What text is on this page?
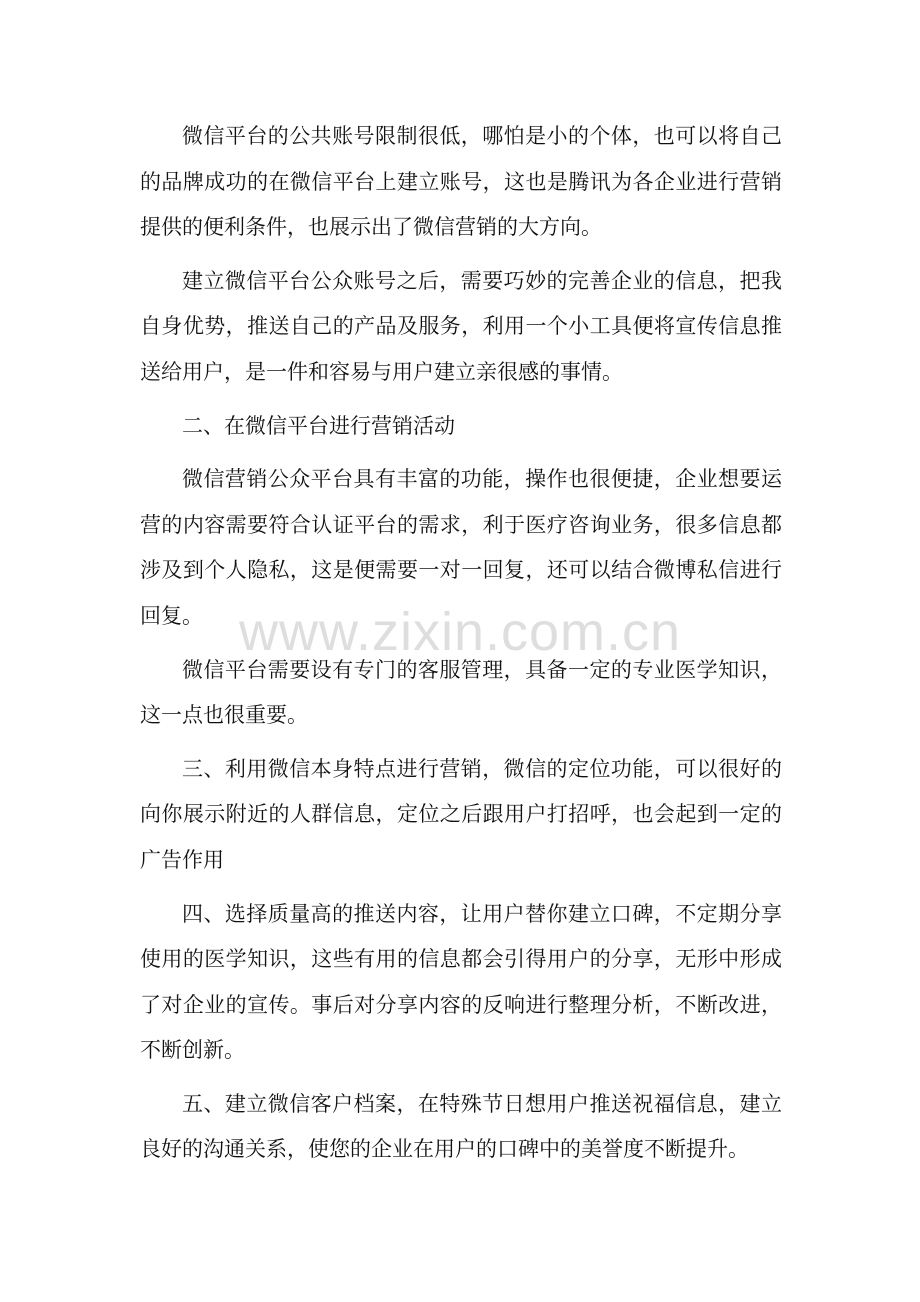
微信平台的公共账号限制很低，哪怕是小的个体，也可以将自己的品牌成功的在微信平台上建立账号，这也是腾讯为各企业进行营销提供的便利条件，也展示出了微信营销的大方向。

建立微信平台公众账号之后，需要巧妙的完善企业的信息，把我自身优势，推送自己的产品及服务，利用一个小工具便将宣传信息推送给用户，是一件和容易与用户建立亲很感的事情。

二、在微信平台进行营销活动

微信营销公众平台具有丰富的功能，操作也很便捷，企业想要运营的内容需要符合认证平台的需求，利于医疗咨询业务，很多信息都涉及到个人隐私，这是便需要一对一回复，还可以结合微博私信进行回复。

微信平台需要设有专门的客服管理，具备一定的专业医学知识，这一点也很重要。

三、利用微信本身特点进行营销，微信的定位功能，可以很好的向你展示附近的人群信息，定位之后跟用户打招呼，也会起到一定的广告作用

四、选择质量高的推送内容，让用户替你建立口碑，不定期分享使用的医学知识，这些有用的信息都会引得用户的分享，无形中形成了对企业的宣传。事后对分享内容的反响进行整理分析，不断改进，不断创新。

五、建立微信客户档案，在特殊节日想用户推送祝福信息，建立良好的沟通关系，使您的企业在用户的口碑中的美誉度不断提升。

www.zixin.com.cn
